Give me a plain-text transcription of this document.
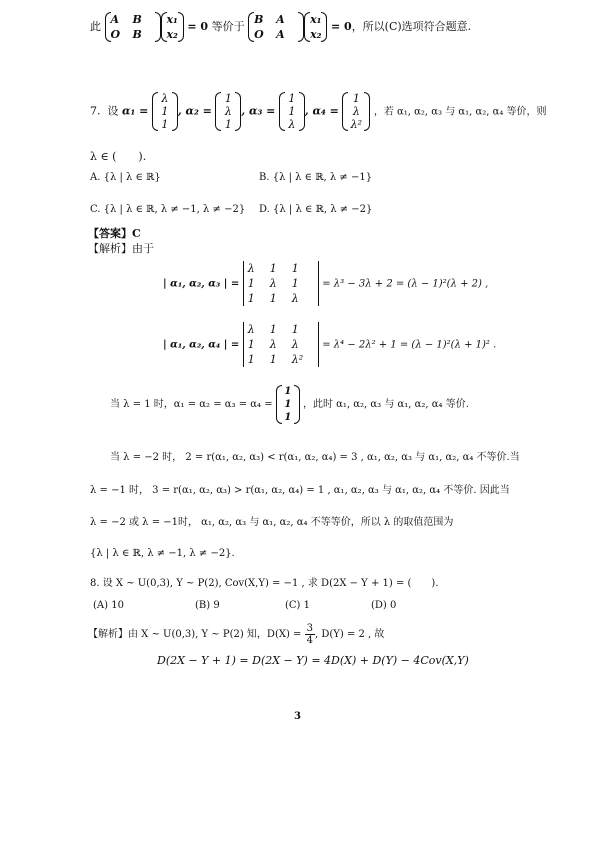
此
A B
O B
x₁
x₂
= 0 等价于
B A
O A
x₁
x₂
= 0，所以(C)选项符合题意.
7. 设 α₁ =
λ
1
1
, α₂ =
1
λ
1
, α₃ =
1
1
λ
, α₄ =
1
λ
λ²
，若 α₁, α₂, α₃ 与 α₁, α₂, α₄ 等价，则
λ ∈ (　　).
A. {λ | λ ∈ ℝ}	B. {λ | λ ∈ ℝ, λ ≠ −1}
C. {λ | λ ∈ ℝ, λ ≠ −1, λ ≠ −2} D. {λ | λ ∈ ℝ, λ ≠ −2}
【答案】C
【解析】由于
| α₁, α₂, α₃ | =
λ 1 1
1 λ 1
1 1 λ
= λ³ − 3λ + 2 = (λ − 1)²(λ + 2) ,
| α₁, α₂, α₄ | =
λ 1 1
1 λ λ
1 1 λ²
= λ⁴ − 2λ² + 1 = (λ − 1)²(λ + 1)² .
当 λ = 1 时，α₁ = α₂ = α₃ = α₄ =
1
1
1
，此时 α₁, α₂, α₃ 与 α₁, α₂, α₄ 等价.
当 λ = −2 时， 2 = r(α₁, α₂, α₃) < r(α₁, α₂, α₄) = 3 , α₁, α₂, α₃ 与 α₁, α₂, α₄ 不等价.当
λ = −1 时， 3 = r(α₁, α₂, α₃) > r(α₁, α₂, α₄) = 1 , α₁, α₂, α₃ 与 α₁, α₂, α₄ 不等价. 因此当
λ = −2 或 λ = −1时， α₁, α₂, α₃ 与 α₁, α₂, α₄ 不等等价，所以 λ 的取值范围为
{λ | λ ∈ ℝ, λ ≠ −1, λ ≠ −2}.
8. 设 X ~ U(0,3), Y ~ P(2), Cov(X,Y) = −1 , 求 D(2X − Y + 1) = (　　).
(A) 10	(B) 9	(C) 1	(D) 0
【解析】由 X ~ U(0,3), Y ~ P(2) 知，$D(X) = \frac{3}{4}$ , D(Y) = 2 , 故
D(2X − Y + 1) = D(2X − Y) = 4D(X) + D(Y) − 4Cov(X,Y)
3
